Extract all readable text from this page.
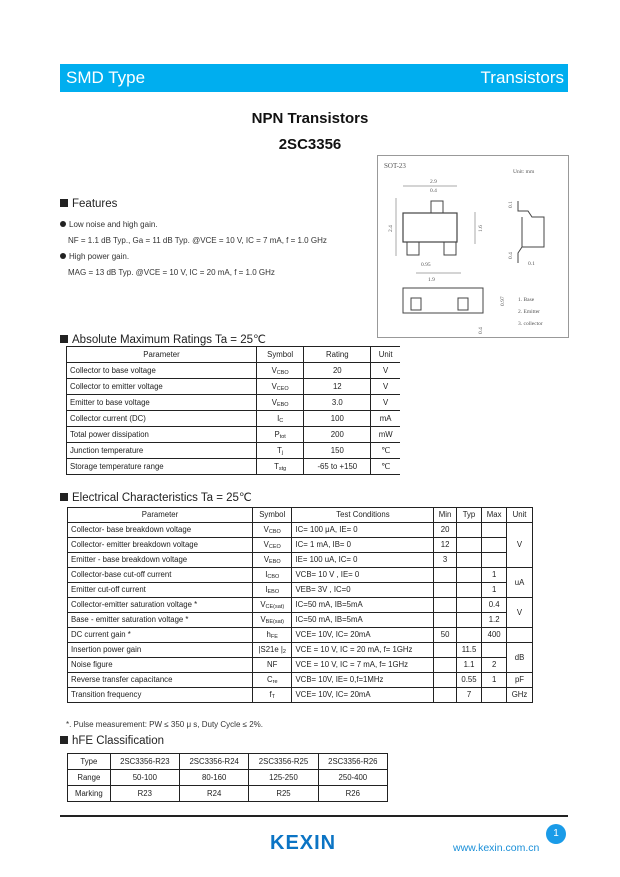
SMD Type	Transistors
NPN Transistors
2SC3356
SOT-23
Unit: mm
2.9
0.4
2.4	1.6
0.95
1.9
0.1
0.4
0.1
0.97
0.4
1. Base
2. Emitter
3. collector
Features
Low noise and high gain.
NF = 1.1 dB Typ., Ga = 11 dB Typ. @VCE = 10 V, IC = 7 mA, f = 1.0 GHz
High power gain.
MAG = 13 dB Typ. @VCE = 10 V, IC = 20 mA, f = 1.0 GHz
Absolute Maximum Ratings Ta = 25℃
Parameter	Symbol	Rating	Unit
Collector to base voltage	$V_{CBO}$	20	V
Collector to emitter voltage	$V_{CEO}$	12	V
Emitter to base voltage	$V_{EBO}$	3.0	V
Collector current (DC)	$I_C$	100	mA
Total power dissipation	$P_{tot}$	200	mW
Junction temperature	$T_j$	150	℃
Storage temperature range	$T_{stg}$	-65 to +150	℃
Electrical Characteristics Ta = 25℃
Parameter	Symbol	Test Conditions	Min	Typ	Max	Unit
Collector- base breakdown voltage	$V_{CBO}$	IC= 100 μA, IE= 0	20			V
Collector- emitter breakdown voltage	$V_{CEO}$	IC= 1 mA, IB= 0	12			
Emitter - base breakdown voltage	$V_{EBO}$	IE= 100 uA, IC= 0	3			
Collector-base cut-off current	$I_{CBO}$	VCB= 10 V , IE= 0			1	uA
Emitter cut-off current	$I_{EBO}$	VEB= 3V , IC=0			1	
Collector-emitter saturation voltage *	$V_{CE(sat)}$	IC=50 mA, IB=5mA			0.4	V
Base - emitter saturation voltage *	$V_{BE(sat)}$	IC=50 mA, IB=5mA			1.2	
DC current gain *	$h_{FE}$	VCE= 10V, IC= 20mA	50		400	
Insertion power gain	|S21e $|_2$	VCE = 10 V, IC = 20 mA, f= 1GHz		11.5		dB
Noise figure	NF	VCE = 10 V, IC = 7 mA, f= 1GHz		1.1	2	
Reverse transfer capacitance	$C_{re}$	VCB= 10V, IE= 0,f=1MHz		0.55	1	pF
Transition frequency	$f_T$	VCE= 10V, IC= 20mA		7		GHz
*. Pulse measurement: PW ≤ 350 μ s, Duty Cycle ≤ 2%.
hFE Classification
Type	2SC3356-R23	2SC3356-R24	2SC3356-R25	2SC3356-R26
Range	50-100	80-160	125-250	250-400
Marking	R23	R24	R25	R26
KEXIN	www.kexin.com.cn
1
